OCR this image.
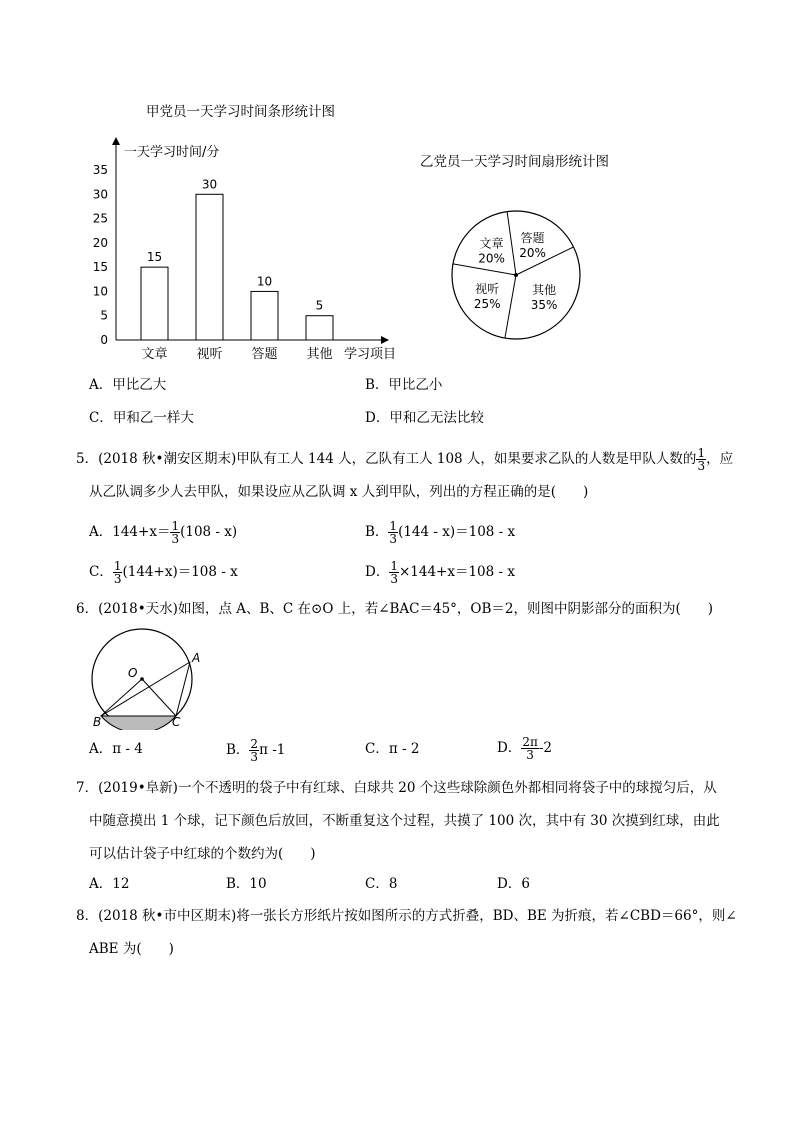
甲党员一天学习时间条形统计图
一天学习时间/分
学习项目
0
5
10
15
20
25
30
35
15
文章
30
视听
10
答题
5
其他
乙党员一天学习时间扇形统计图
文章
20%
答题
20%
其他
35%
视听
25%
A．甲比乙大	B．甲比乙小
C．甲和乙一样大	D．甲和乙无法比较
5．(2018 秋•潮安区期末)甲队有工人 144 人，乙队有工人 108 人，如果要求乙队的人数是甲队人数的 $\frac{1}{3}$ ，应
从乙队调多少人去甲队，如果设应从乙队调 x 人到甲队，列出的方程正确的是(　　)
A．$144+x= \frac{1}{3} (108 - x)$	B． $\frac{1}{3} (144 - x)=108 - x$
C． $\frac{1}{3} (144+x)=108 - x$	D． $\frac{1}{3} \times 144+x=108 - x$
6．(2018•天水)如图，点 A、B、C 在⊙O 上，若∠BAC＝45°，OB＝2，则图中阴影部分的面积为(　　)
O
A
B	C
A．π - 4	B． $\frac{2}{3}$ π -1	C．π - 2	D． $\frac{2\pi}{3} -2$
7．(2019•阜新)一个不透明的袋子中有红球、白球共 20 个这些球除颜色外都相同将袋子中的球搅匀后，从
中随意摸出 1 个球，记下颜色后放回，不断重复这个过程，共摸了 100 次，其中有 30 次摸到红球，由此
可以估计袋子中红球的个数约为(　　)
A．12	B．10	C．8	D．6
8．(2018 秋•市中区期末)将一张长方形纸片按如图所示的方式折叠，BD、BE 为折痕，若∠CBD＝66°，则∠
ABE 为(　　)
